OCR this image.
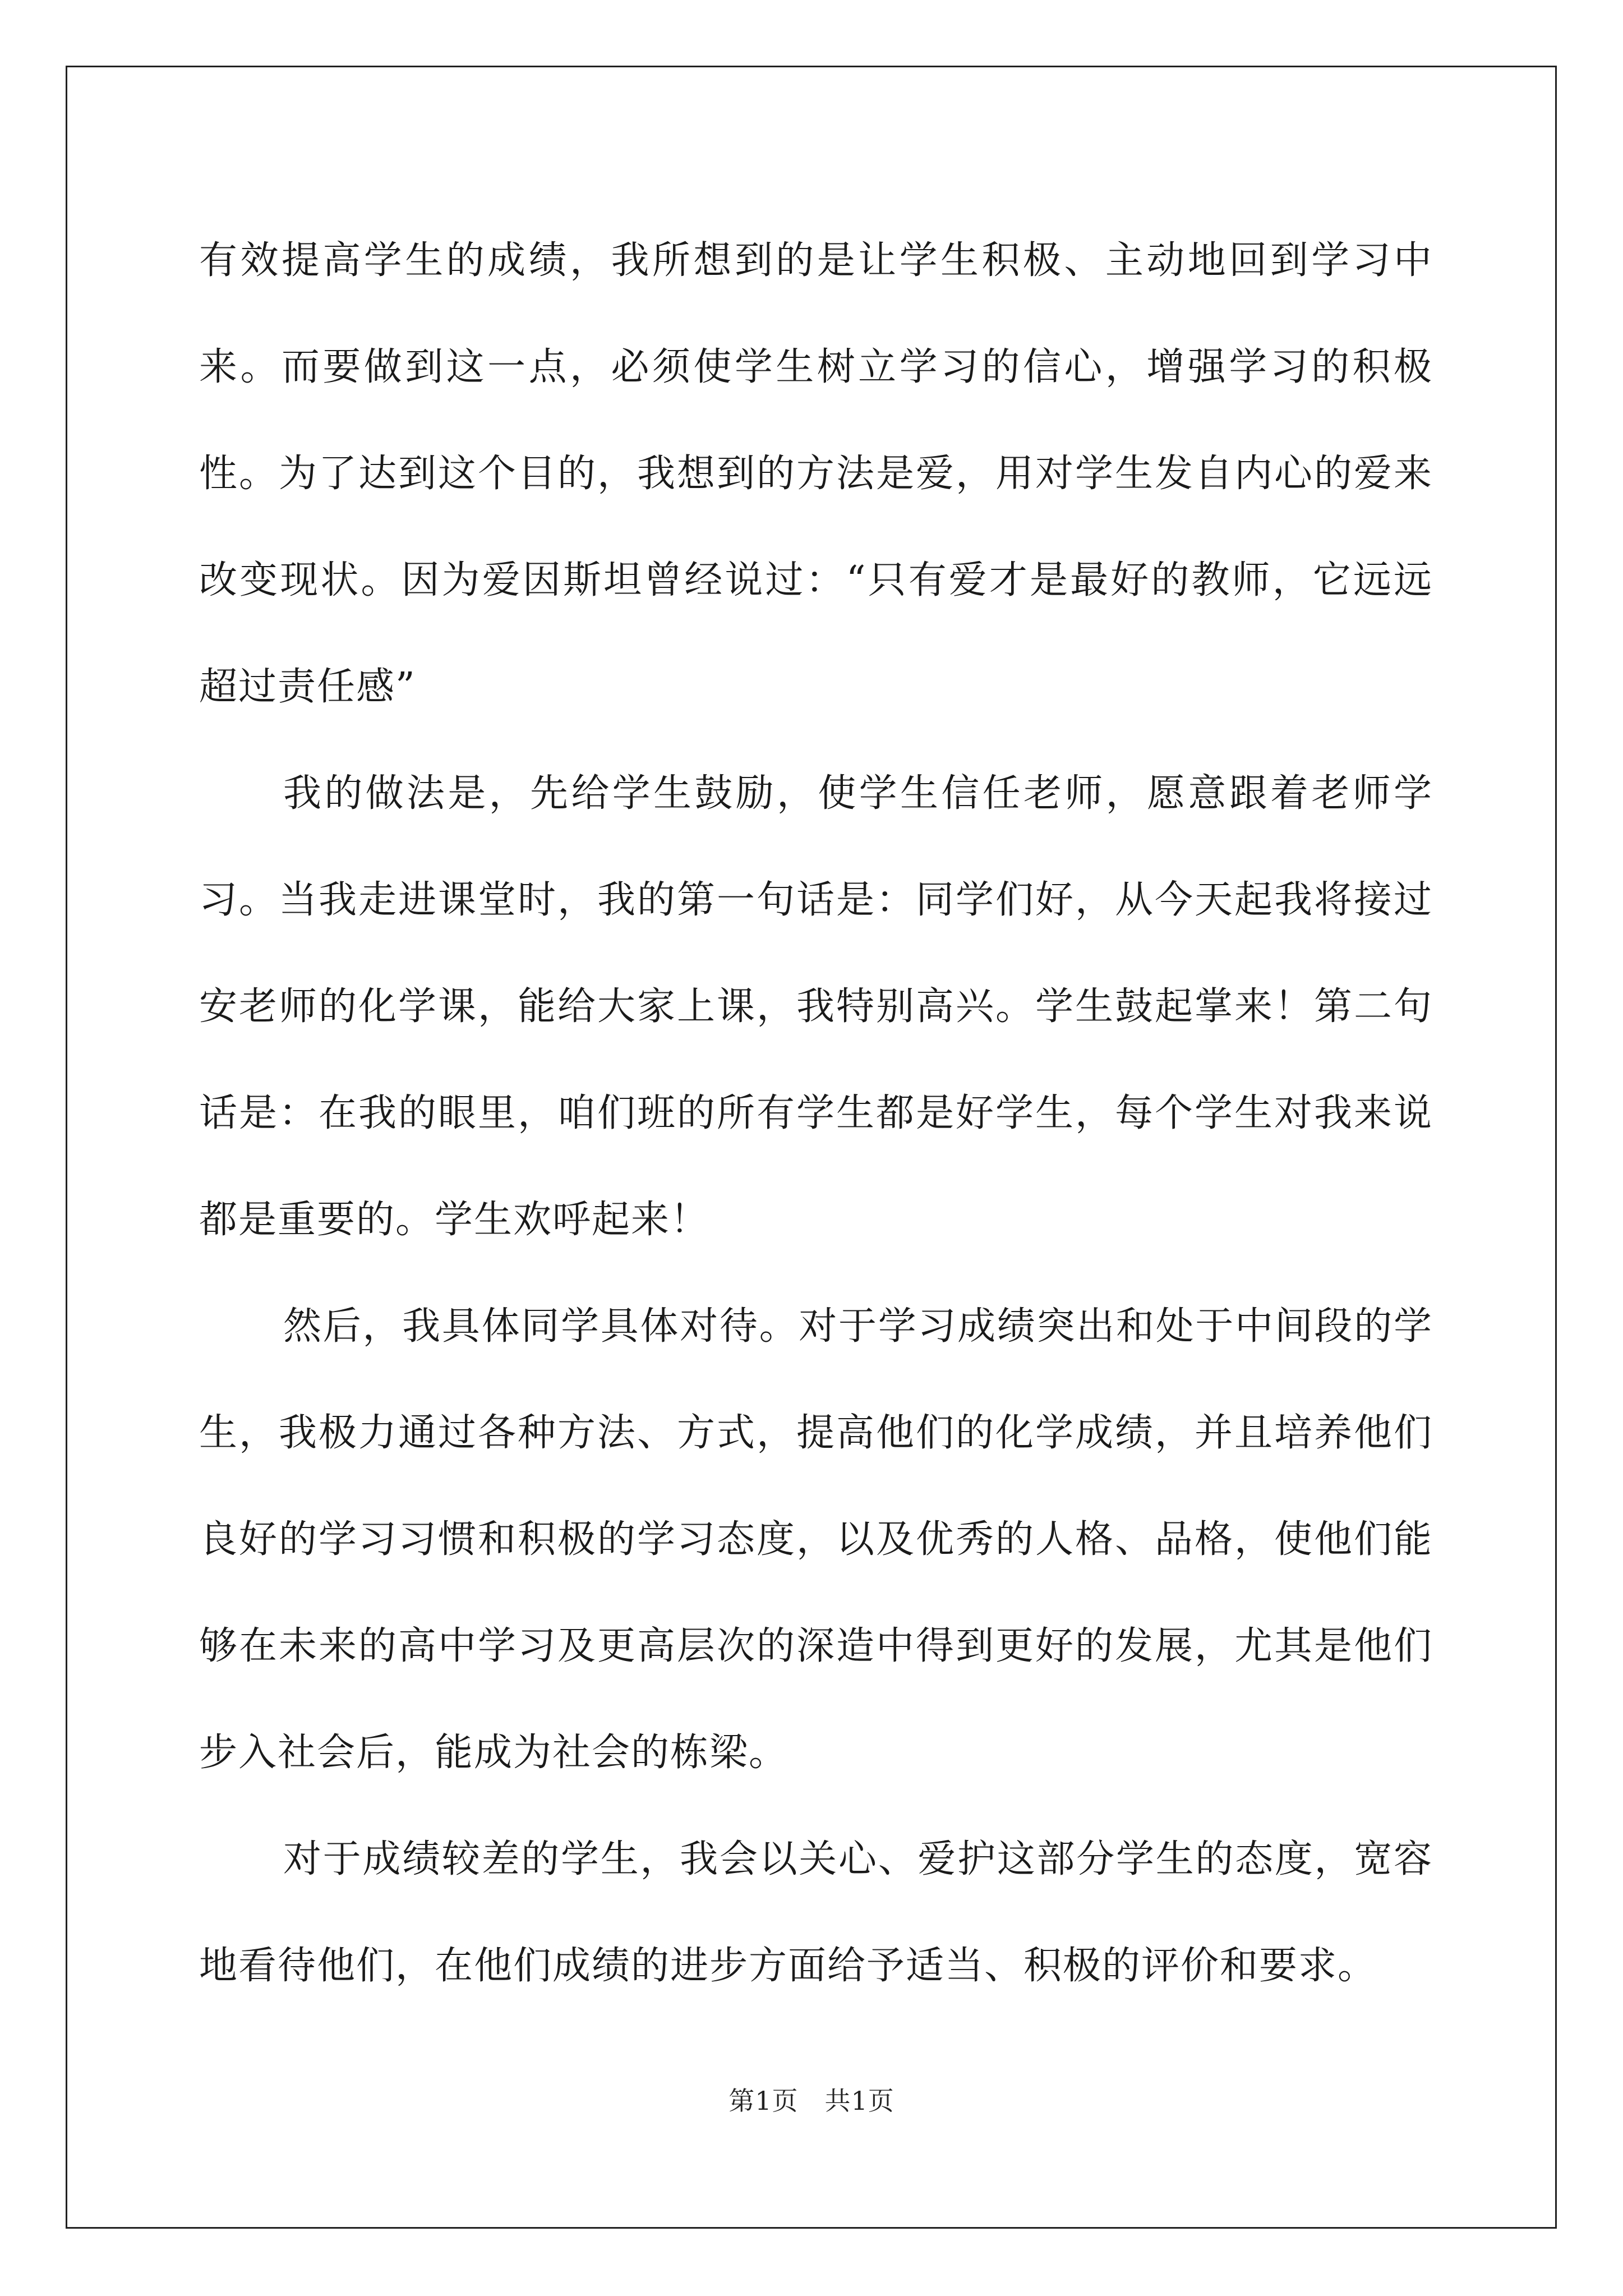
有效提高学生的成绩，我所想到的是让学生积极、主动地回到学习中来。而要做到这一点，必须使学生树立学习的信心，增强学习的积极性。为了达到这个目的，我想到的方法是爱，用对学生发自内心的爱来改变现状。因为爱因斯坦曾经说过：“只有爱才是最好的教师，它远远超过责任感”

我的做法是，先给学生鼓励，使学生信任老师，愿意跟着老师学习。当我走进课堂时，我的第一句话是：同学们好，从今天起我将接过安老师的化学课，能给大家上课，我特别高兴。学生鼓起掌来！第二句话是：在我的眼里，咱们班的所有学生都是好学生，每个学生对我来说都是重要的。学生欢呼起来！

然后，我具体同学具体对待。对于学习成绩突出和处于中间段的学生，我极力通过各种方法、方式，提高他们的化学成绩，并且培养他们良好的学习习惯和积极的学习态度，以及优秀的人格、品格，使他们能够在未来的高中学习及更高层次的深造中得到更好的发展，尤其是他们步入社会后，能成为社会的栋梁。

对于成绩较差的学生，我会以关心、爱护这部分学生的态度，宽容地看待他们，在他们成绩的进步方面给予适当、积极的评价和要求。

第1页　共1页
